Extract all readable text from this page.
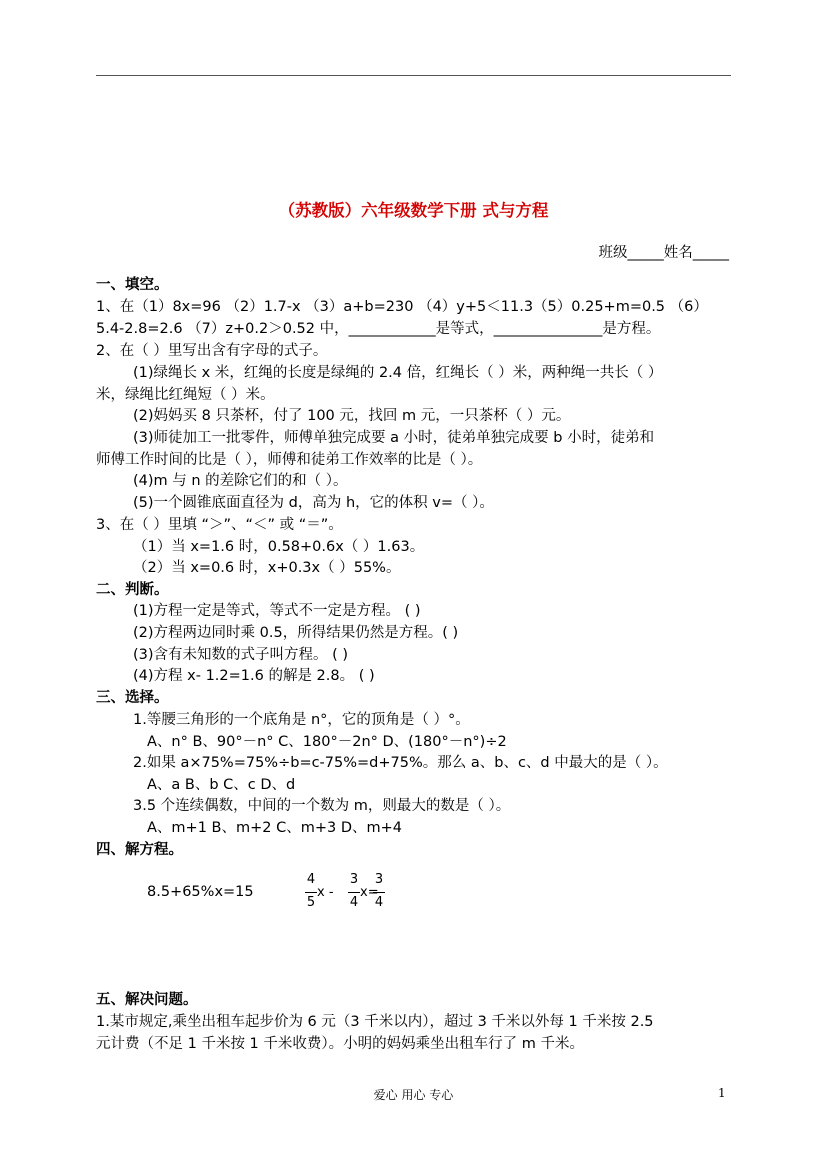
（苏教版）六年级数学下册 式与方程
班级_____姓名_____
一、填空。
1、在（1）8x=96 （2）1.7-x （3）a+b=230 （4）y+5＜11.3（5）0.25+m=0.5 （6）
5.4-2.8=2.6 （7）z+0.2＞0.52 中，____________是等式，_______________是方程。
2、在（ ）里写出含有字母的式子。
(1)绿绳长 x 米，红绳的长度是绿绳的 2.4 倍，红绳长（ ）米，两种绳一共长（ ）
米，绿绳比红绳短（ ）米。
(2)妈妈买 8 只茶杯，付了 100 元，找回 m 元，一只茶杯（ ）元。
(3)师徒加工一批零件，师傅单独完成要 a 小时，徒弟单独完成要 b 小时，徒弟和
师傅工作时间的比是（ ），师傅和徒弟工作效率的比是（ ）。
(4)m 与 n 的差除它们的和（ ）。
(5)一个圆锥底面直径为 d，高为 h，它的体积 v=（ ）。
3、在（ ）里填 “＞”、“＜” 或 “＝”。
（1）当 x=1.6 时，0.58+0.6x（ ）1.63。
（2）当 x=0.6 时，x+0.3x（ ）55%。
二、判断。
(1)方程一定是等式，等式不一定是方程。 ( )
(2)方程两边同时乘 0.5，所得结果仍然是方程。( )
(3)含有未知数的式子叫方程。 ( )
(4)方程 x- 1.2=1.6 的解是 2.8。 ( )
三、选择。
1.等腰三角形的一个底角是 n°，它的顶角是（ ）°。
A、n° B、90°－n° C、180°－2n° D、(180°－n°)÷2
2.如果 a×75%=75%÷b=c-75%=d+75%。那么 a、b、c、d 中最大的是（ ）。
A、a B、b C、c D、d
3.5 个连续偶数，中间的一个数为 m，则最大的数是（ ）。
A、m+1 B、m+2 C、m+3 D、m+4
四、解方程。
8.5+65%x=15
4
5
x -
3
4
x=
3
4
五、解决问题。
1.某市规定,乘坐出租车起步价为 6 元（3 千米以内），超过 3 千米以外每 1 千米按 2.5
元计费（不足 1 千米按 1 千米收费）。小明的妈妈乘坐出租车行了 m 千米。
爱心 用心 专心	1
